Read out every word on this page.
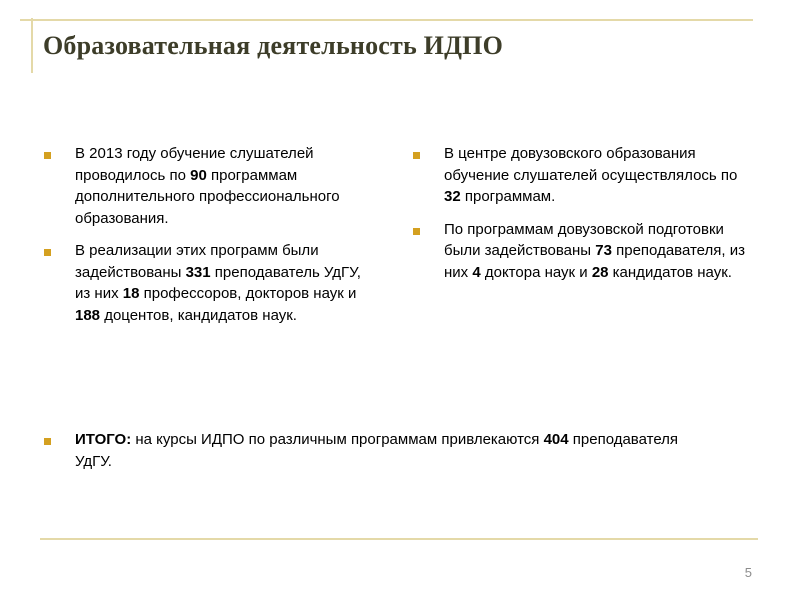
Образовательная деятельность ИДПО
В 2013 году обучение слушателей проводилось по 90 программам дополнительного профессионального образования.
В реализации этих программ были задействованы 331 преподаватель УдГУ, из них 18 профессоров, докторов наук и 188 доцентов, кандидатов наук.
В центре довузовского образования обучение слушателей осуществлялось по 32 программам.
По программам довузовской подготовки были задействованы 73 преподавателя, из них 4 доктора наук и 28 кандидатов наук.
ИТОГО: на курсы ИДПО по различным программам привлекаются 404 преподавателя УдГУ.
5
